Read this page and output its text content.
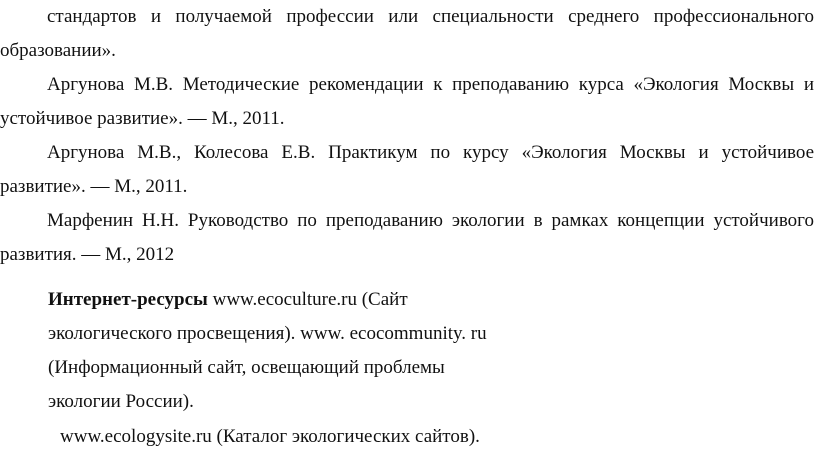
стандартов и получаемой профессии или специальности среднего профессионального образовании».

Аргунова М.В. Методические рекомендации к преподаванию курса «Экология Москвы и устойчивое развитие». — М., 2011.

Аргунова М.В., Колесова Е.В. Практикум по курсу «Экология Москвы и устойчивое развитие». — М., 2011.

Марфенин Н.Н. Руководство по преподаванию экологии в рамках концепции устойчивого развития. — М., 2012

Интернет-ресурсы www.ecoculture.ru (Сайт
экологического просвещения). www. ecocommunity. ru
(Информационный сайт, освещающий проблемы
экологии России).
www.ecologysite.ru (Каталог экологических сайтов).
